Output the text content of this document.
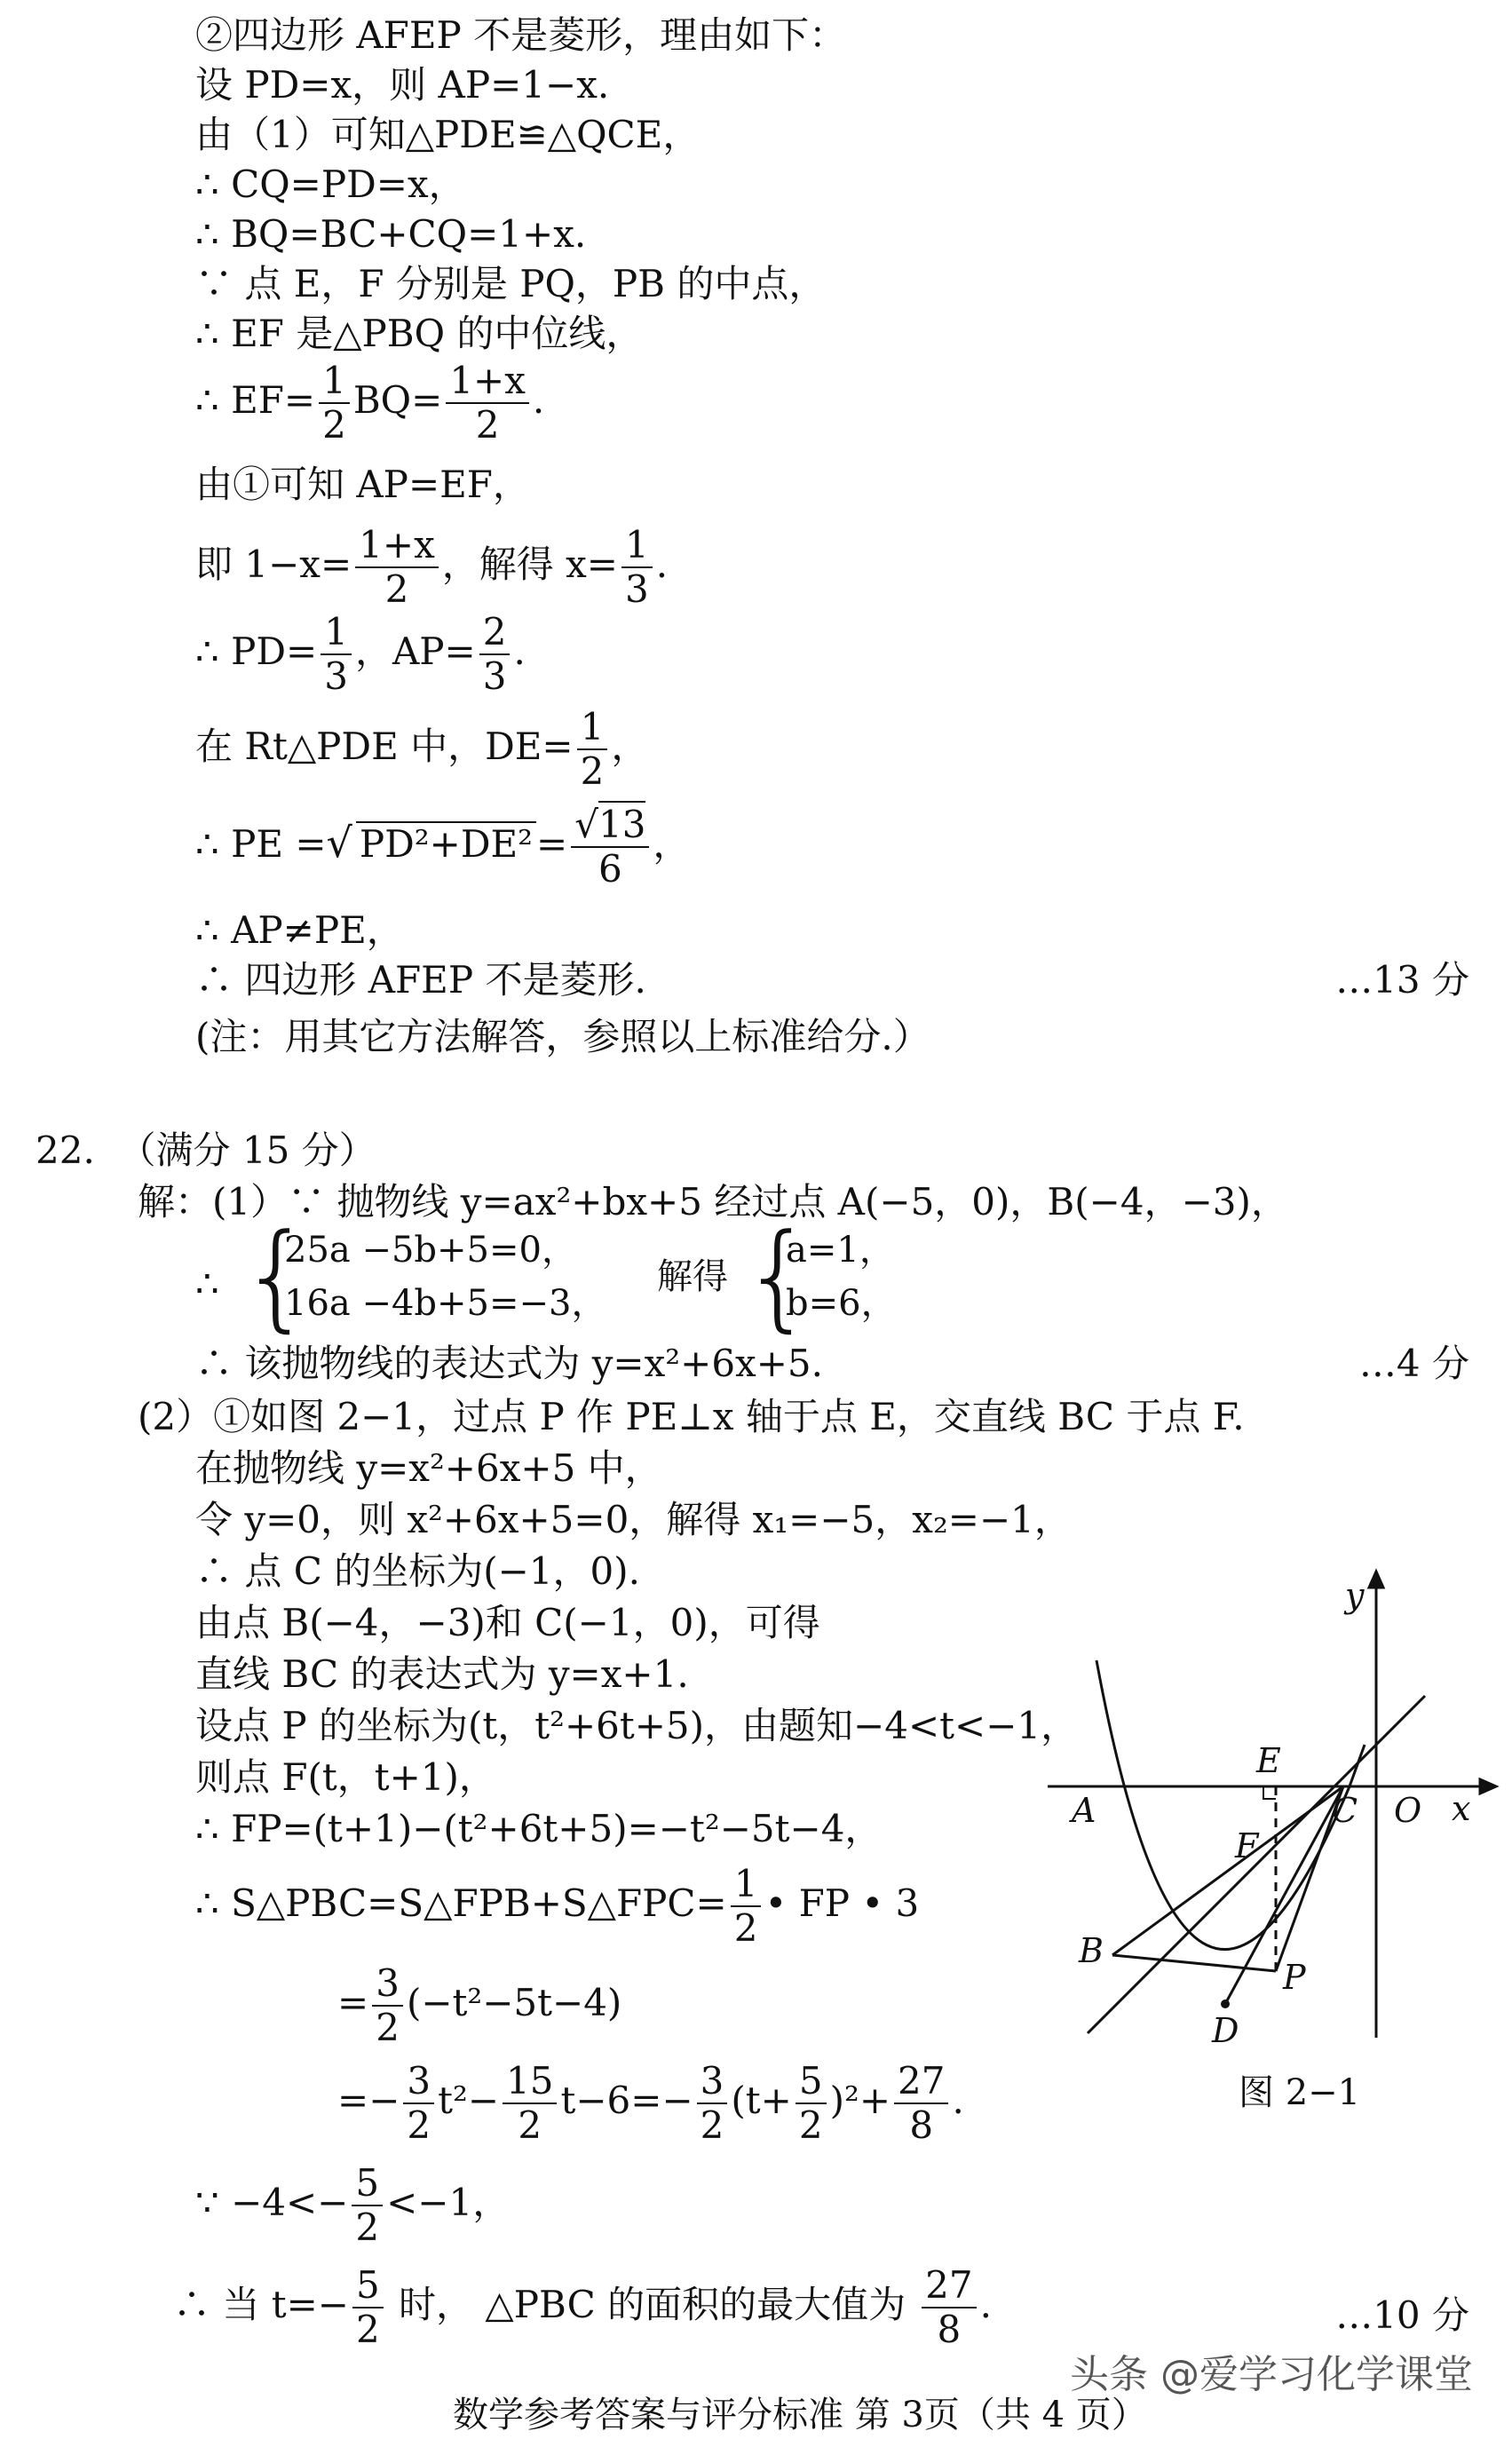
②四边形 AFEP 不是菱形，理由如下：
设 PD=x，则 AP=1−x.
由（1）可知△PDE≌△QCE，
∴ CQ=PD=x，
∴ BQ=BC+CQ=1+x.
∵ 点 E，F 分别是 PQ，PB 的中点，
∴ EF 是△PBQ 的中位线，
∴ $EF= \frac{1}{2} BQ= \frac{1+x}{2}$ .
由①可知 AP=EF，
即 $1-x= \frac{1+x}{2}$ ，解得 $x= \frac{1}{3}$ .
∴ $PD= \frac{1}{3}$ ，$AP= \frac{2}{3}$ .
在 Rt△PDE 中，$DE= \frac{1}{2}$ ，
∴ PE =√ $PD^2+DE^2= \frac{√13}{6}$ ，
∴ AP≠PE，
∴ 四边形 AFEP 不是菱形.	…13 分
(注：用其它方法解答，参照以上标准给分.）
22. （满分 15 分）
解：(1）∵ 抛物线 y=ax²+bx+5 经过点 A(−5，0)，B(−4，−3)，
∴ {
25a −5b+5=0，
16a −4b+5=−3，
解得 {
a=1，
b=6，
∴ 该抛物线的表达式为 y=x²+6x+5.	…4 分
(2）①如图 2−1，过点 P 作 PE⊥x 轴于点 E，交直线 BC 于点 F.
在抛物线 y=x²+6x+5 中，
令 y=0，则 x²+6x+5=0，解得 x₁=−5，x₂=−1，
∴ 点 C 的坐标为(−1，0).
由点 B(−4，−3)和 C(−1，0)，可得
直线 BC 的表达式为 y=x+1.
设点 P 的坐标为(t，t²+6t+5)，由题知−4<t<−1，
则点 F(t，t+1)，
∴ FP=(t+1)−(t²+6t+5)=−t²−5t−4，
∴ S△PBC=S△FPB+S△FPC= $\frac{1}{2}$ • FP • 3
= $\frac{3}{2} (-t^2-5t-4)$
=− $\frac{3}{2} t^2- \frac{15}{2} t-6=- \frac{3}{2} (t+ \frac{5}{2} )^2+ \frac{27}{8}$ .
∵ $-4<- \frac{5}{2} <-1$，
∴ 当 $t=- \frac{5}{2}$ 时， △PBC 的面积的最大值为 $\frac{27}{8}$ .	…10 分
y
x
O
A	C
E
F
B
P
D
图 2−1
头条 @爱学习化学课堂
数学参考答案与评分标准 第 3页（共 4 页）
